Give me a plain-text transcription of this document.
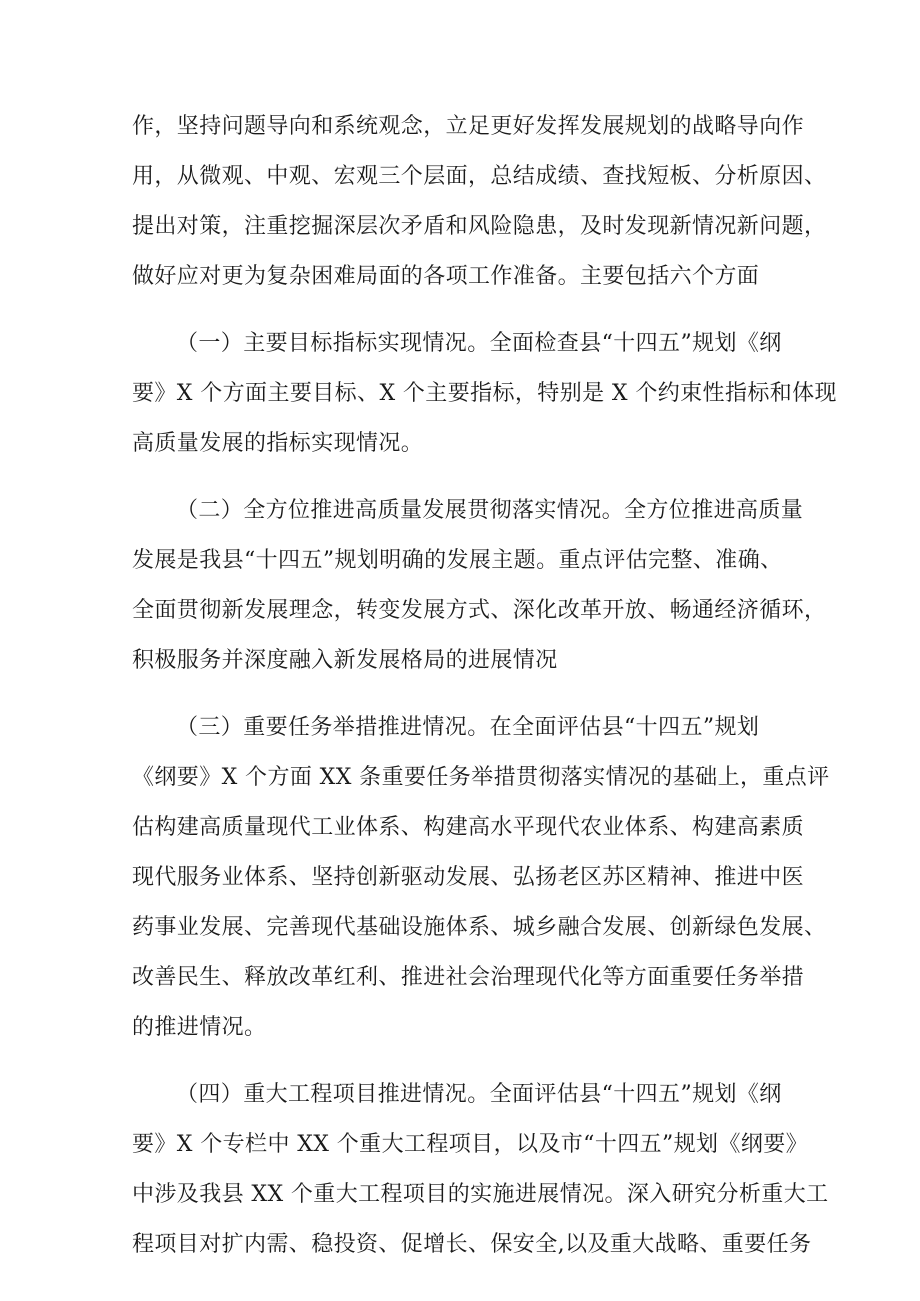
作，坚持问题导向和系统观念，立足更好发挥发展规划的战略导向作
用，从微观、中观、宏观三个层面，总结成绩、查找短板、分析原因、
提出对策，注重挖掘深层次矛盾和风险隐患，及时发现新情况新问题，
做好应对更为复杂困难局面的各项工作准备。主要包括六个方面
（一）主要目标指标实现情况。全面检查县“十四五”规划《纲
要》X 个方面主要目标、X 个主要指标，特别是 X 个约束性指标和体现
高质量发展的指标实现情况。
（二）全方位推进高质量发展贯彻落实情况。全方位推进高质量
发展是我县“十四五”规划明确的发展主题。重点评估完整、准确、
全面贯彻新发展理念，转变发展方式、深化改革开放、畅通经济循环，
积极服务并深度融入新发展格局的进展情况
（三）重要任务举措推进情况。在全面评估县“十四五”规划
《纲要》X 个方面 XX 条重要任务举措贯彻落实情况的基础上，重点评
估构建高质量现代工业体系、构建高水平现代农业体系、构建高素质
现代服务业体系、坚持创新驱动发展、弘扬老区苏区精神、推进中医
药事业发展、完善现代基础设施体系、城乡融合发展、创新绿色发展、
改善民生、释放改革红利、推进社会治理现代化等方面重要任务举措
的推进情况。
（四）重大工程项目推进情况。全面评估县“十四五”规划《纲
要》X 个专栏中 XX 个重大工程项目，以及市“十四五”规划《纲要》
中涉及我县 XX 个重大工程项目的实施进展情况。深入研究分析重大工
程项目对扩内需、稳投资、促增长、保安全,以及重大战略、重要任务
